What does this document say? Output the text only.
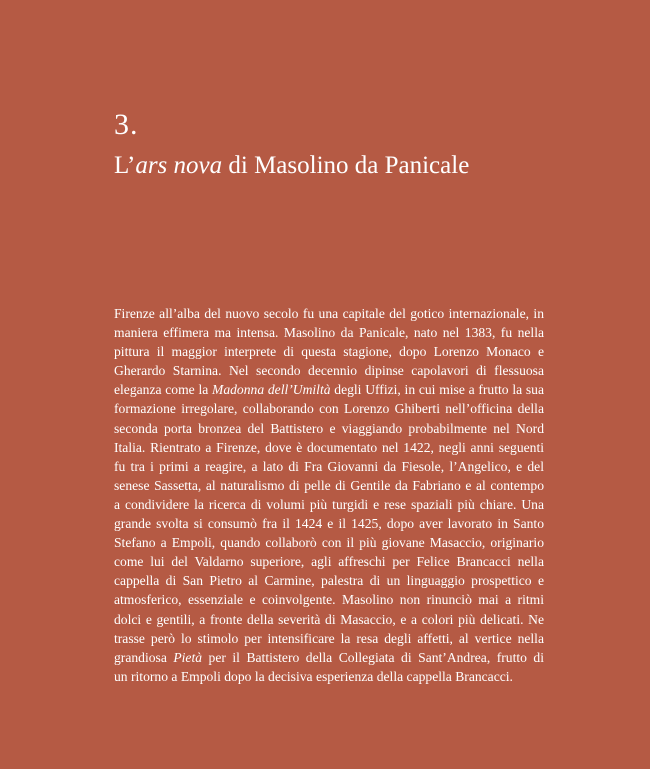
3.
L’ars nova di Masolino da Panicale

Firenze all’alba del nuovo secolo fu una capitale del gotico internazionale, in
maniera effimera ma intensa. Masolino da Panicale, nato nel 1383, fu nella
pittura il maggior interprete di questa stagione, dopo Lorenzo Monaco e
Gherardo Starnina. Nel secondo decennio dipinse capolavori di flessuosa
eleganza come la Madonna dell’Umiltà degli Uffizi, in cui mise a frutto la sua
formazione irregolare, collaborando con Lorenzo Ghiberti nell’officina della
seconda porta bronzea del Battistero e viaggiando probabilmente nel Nord
Italia. Rientrato a Firenze, dove è documentato nel 1422, negli anni seguenti
fu tra i primi a reagire, a lato di Fra Giovanni da Fiesole, l’Angelico, e del
senese Sassetta, al naturalismo di pelle di Gentile da Fabriano e al contempo
a condividere la ricerca di volumi più turgidi e rese spaziali più chiare. Una
grande svolta si consumò fra il 1424 e il 1425, dopo aver lavorato in Santo
Stefano a Empoli, quando collaborò con il più giovane Masaccio, originario
come lui del Valdarno superiore, agli affreschi per Felice Brancacci nella
cappella di San Pietro al Carmine, palestra di un linguaggio prospettico e
atmosferico, essenziale e coinvolgente. Masolino non rinunciò mai a ritmi
dolci e gentili, a fronte della severità di Masaccio, e a colori più delicati. Ne
trasse però lo stimolo per intensificare la resa degli affetti, al vertice nella
grandiosa Pietà per il Battistero della Collegiata di Sant’Andrea, frutto di
un ritorno a Empoli dopo la decisiva esperienza della cappella Brancacci.
